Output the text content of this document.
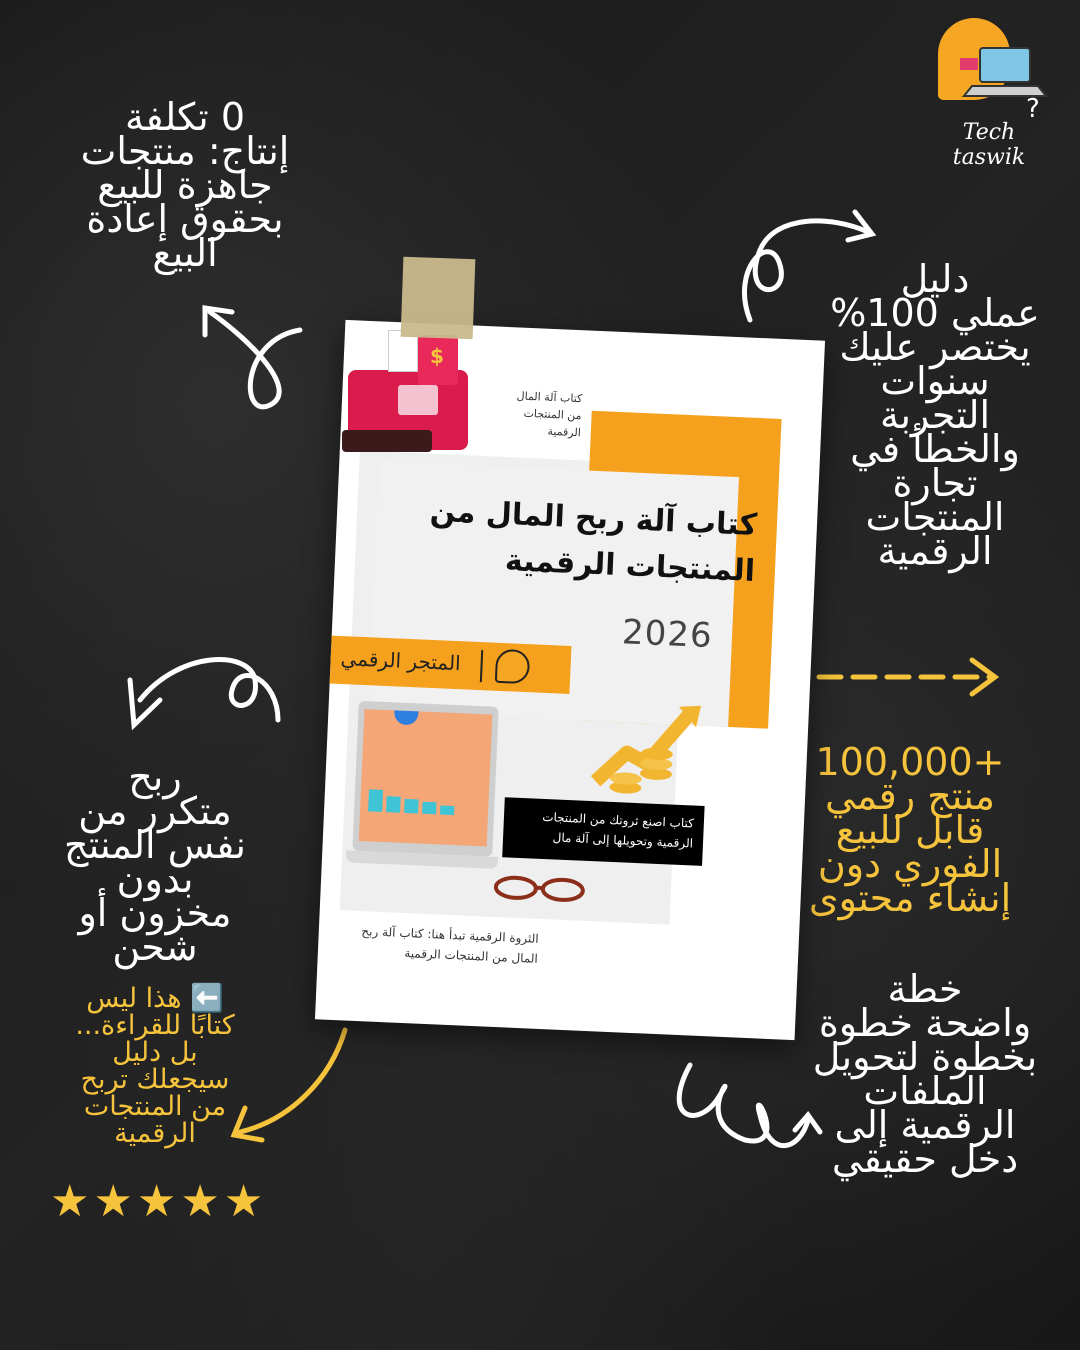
?
Tech taswik
0 تكلفة
إنتاج: منتجات
جاهزة للبيع
بحقوق إعادة
البيع
ربح
متكرر من
نفس المنتج
بدون
مخزون أو
شحن
⬅️ هذا ليس
كتابًا للقراءة...
بل دليل
سيجعلك تربح
من المنتجات
الرقمية
دليل
عملي 100%
يختصر عليك
سنوات
التجربة
والخطأ في
تجارة
المنتجات
الرقمية
+100,000
منتج رقمي
قابل للبيع
الفوري دون
إنشاء محتوى
خطة
واضحة خطوة
بخطوة لتحويل
الملفات
الرقمية إلى
دخل حقيقي
كتاب آلة المال من المنتجات الرقمية
كتاب آلة ربح المال من
المنتجات الرقمية
2026
المتجر الرقمي
كتاب اصنع ثروتك من المنتجات الرقمية وتحويلها إلى آلة مال
الثروة الرقمية تبدأ هنا: كتاب آلة ربح المال من المنتجات الرقمية
$
★ ★ ★ ★ ★
